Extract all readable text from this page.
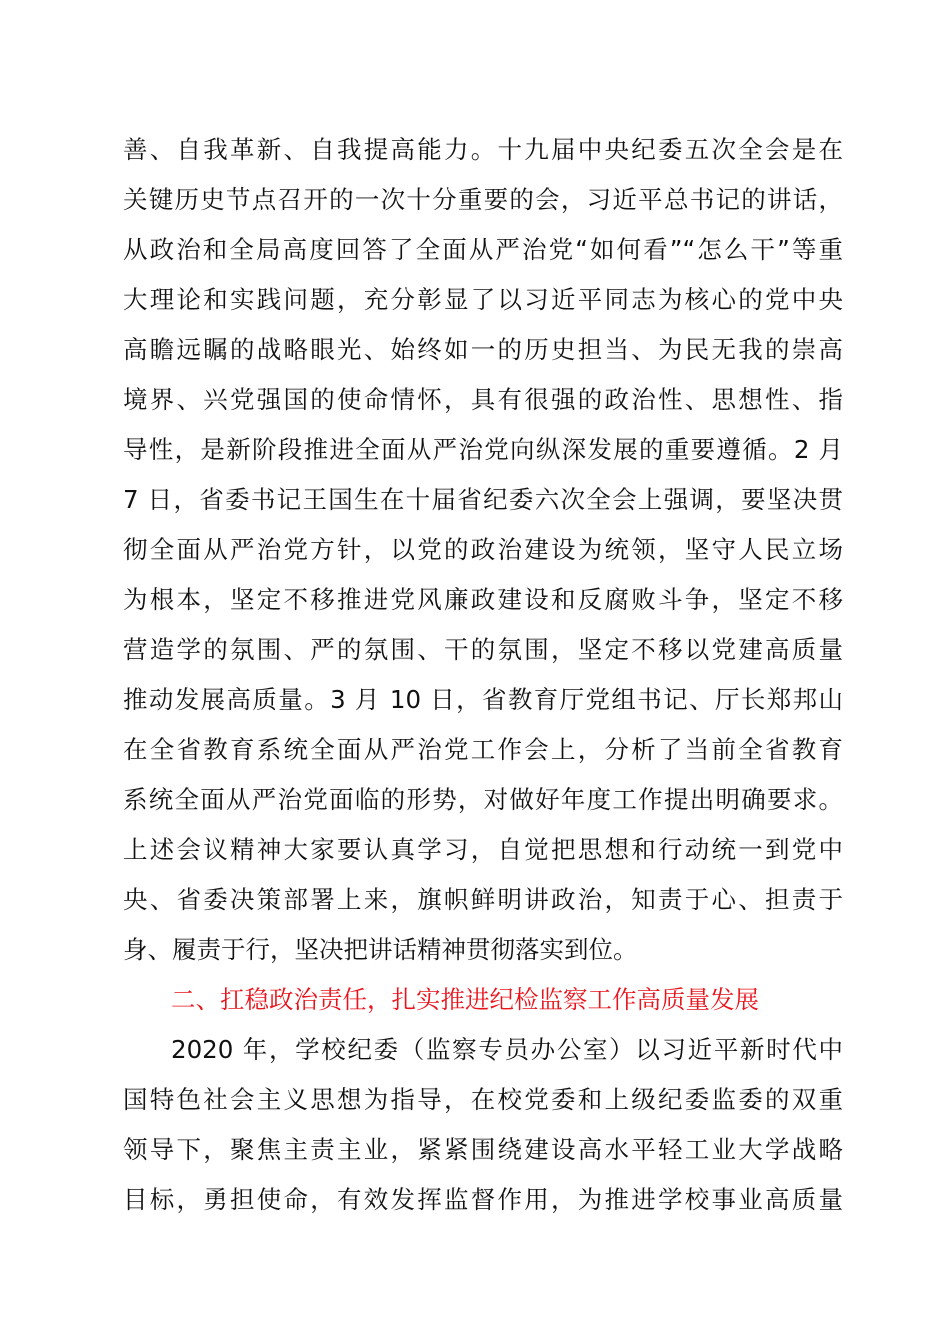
善、自我革新、自我提高能力。十九届中央纪委五次全会是在
关键历史节点召开的一次十分重要的会，习近平总书记的讲话，
从政治和全局高度回答了全面从严治党“如何看”“怎么干”等重
大理论和实践问题，充分彰显了以习近平同志为核心的党中央
高瞻远瞩的战略眼光、始终如一的历史担当、为民无我的崇高
境界、兴党强国的使命情怀，具有很强的政治性、思想性、指
导性，是新阶段推进全面从严治党向纵深发展的重要遵循。2 月
7 日，省委书记王国生在十届省纪委六次全会上强调，要坚决贯
彻全面从严治党方针，以党的政治建设为统领，坚守人民立场
为根本，坚定不移推进党风廉政建设和反腐败斗争，坚定不移
营造学的氛围、严的氛围、干的氛围，坚定不移以党建高质量
推动发展高质量。3 月 10 日，省教育厅党组书记、厅长郑邦山
在全省教育系统全面从严治党工作会上，分析了当前全省教育
系统全面从严治党面临的形势，对做好年度工作提出明确要求。
上述会议精神大家要认真学习，自觉把思想和行动统一到党中
央、省委决策部署上来，旗帜鲜明讲政治，知责于心、担责于
身、履责于行，坚决把讲话精神贯彻落实到位。
二、扛稳政治责任，扎实推进纪检监察工作高质量发展
2020 年，学校纪委（监察专员办公室）以习近平新时代中
国特色社会主义思想为指导，在校党委和上级纪委监委的双重
领导下，聚焦主责主业，紧紧围绕建设高水平轻工业大学战略
目标，勇担使命，有效发挥监督作用，为推进学校事业高质量
